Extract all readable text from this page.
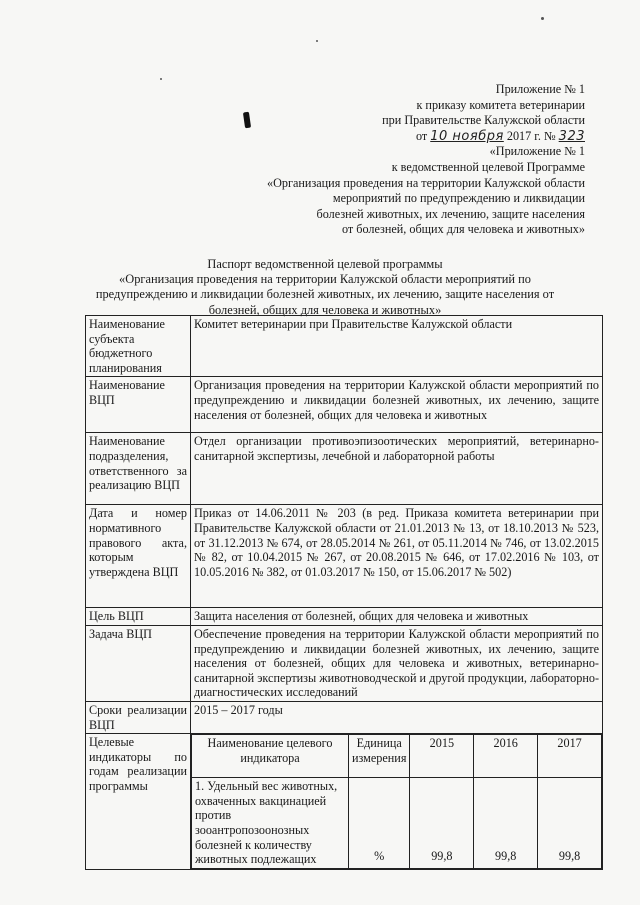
Приложение № 1
к приказу комитета ветеринарии
при Правительстве Калужской области
от 10 ноября 2017 г. № 323
«Приложение № 1
к ведомственной целевой Программе
«Организация проведения на территории Калужской области
мероприятий по предупреждению и ликвидации
болезней животных, их лечению, защите населения
от болезней, общих для человека и животных»
Паспорт ведомственной целевой программы
«Организация проведения на территории Калужской области мероприятий по
предупреждению и ликвидации болезней животных, их лечению, защите населения от
болезней, общих для человека и животных»
Наименование субъекта бюджетного планирования	Комитет ветеринарии при Правительстве Калужской области
Наименование ВЦП	Организация проведения на территории Калужской области мероприятий по предупреждению и ликвидации болезней животных, их лечению, защите населения от болезней, общих для человека и животных
Наименование подразделения, ответственного за реализацию ВЦП	Отдел организации противоэпизоотических мероприятий, ветеринарно-санитарной экспертизы, лечебной и лабораторной работы
Дата и номер нормативного правового акта, которым утверждена ВЦП	Приказ от 14.06.2011 № 203 (в ред. Приказа комитета ветеринарии при Правительстве Калужской области от 21.01.2013 № 13, от 18.10.2013 № 523, от 31.12.2013 № 674, от 28.05.2014 № 261, от 05.11.2014 № 746, от 13.02.2015 № 82, от 10.04.2015 № 267, от 20.08.2015 № 646, от 17.02.2016 № 103, от 10.05.2016 № 382, от 01.03.2017 № 150, от 15.06.2017 № 502)
Цель ВЦП	Защита населения от болезней, общих для человека и животных
Задача ВЦП	Обеспечение проведения на территории Калужской области мероприятий по предупреждению и ликвидации болезней животных, их лечению, защите населения от болезней, общих для человека и животных, ветеринарно-санитарной экспертизы животноводческой и другой продукции, лабораторно-диагностических исследований
Сроки реализации ВЦП	2015 – 2017 годы
Целевые индикаторы по годам реализации программы	
Наименование целевого индикатора	Единица измерения	2015	2016	2017
1. Удельный вес животных, охваченных вакцинацией против зооантропозоонозных болезней к количеству животных подлежащих	%	99,8	99,8	99,8
